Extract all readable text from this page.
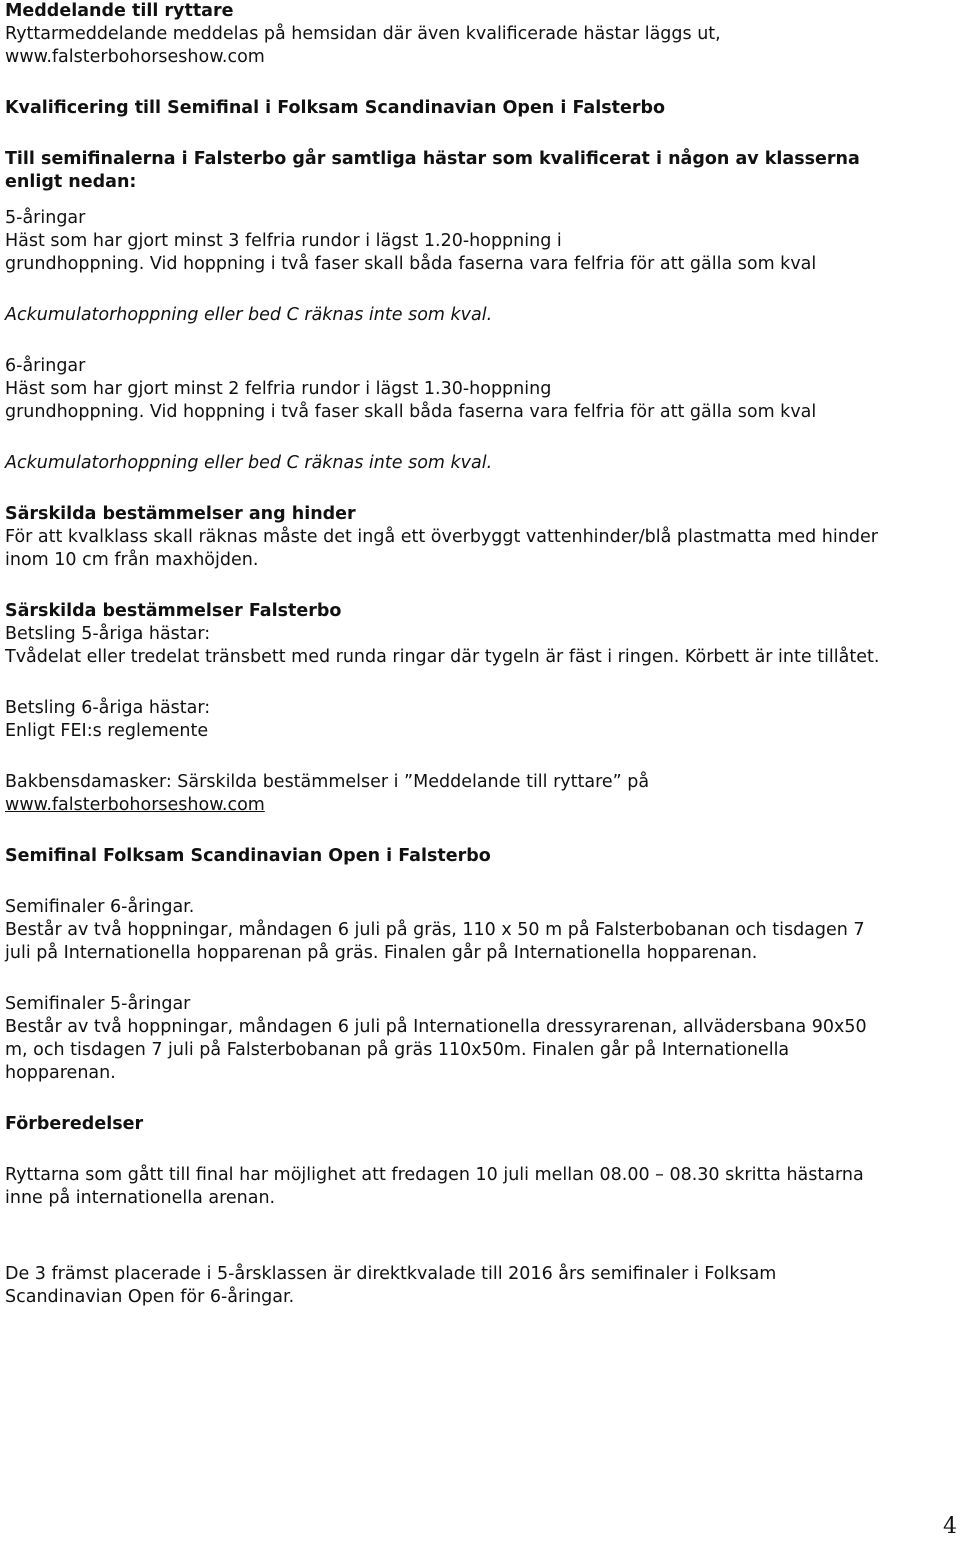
Meddelande till ryttare
Ryttarmeddelande meddelas på hemsidan där även kvalificerade hästar läggs ut,
www.falsterbohorseshow.com
Kvalificering till Semifinal i Folksam Scandinavian Open i Falsterbo
Till semifinalerna i Falsterbo går samtliga hästar som kvalificerat i någon av klasserna
enligt nedan:
5-åringar
Häst som har gjort minst 3 felfria rundor i lägst 1.20-hoppning i
grundhoppning. Vid hoppning i två faser skall båda faserna vara felfria för att gälla som kval
Ackumulatorhoppning eller bed C räknas inte som kval.
6-åringar
Häst som har gjort minst 2 felfria rundor i lägst 1.30-hoppning
grundhoppning. Vid hoppning i två faser skall båda faserna vara felfria för att gälla som kval
Ackumulatorhoppning eller bed C räknas inte som kval.
Särskilda bestämmelser ang hinder
För att kvalklass skall räknas måste det ingå ett överbyggt vattenhinder/blå plastmatta med hinder
inom 10 cm från maxhöjden.
Särskilda bestämmelser Falsterbo
Betsling 5-åriga hästar:
Tvådelat eller tredelat tränsbett med runda ringar där tygeln är fäst i ringen. Körbett är inte tillåtet.
Betsling 6-åriga hästar:
Enligt FEI:s reglemente
Bakbensdamasker: Särskilda bestämmelser i ”Meddelande till ryttare” på
www.falsterbohorseshow.com
Semifinal Folksam Scandinavian Open i Falsterbo
Semifinaler 6-åringar.
Består av två hoppningar, måndagen 6 juli på gräs, 110 x 50 m på Falsterbobanan och tisdagen 7
juli på Internationella hopparenan på gräs. Finalen går på Internationella hopparenan.
Semifinaler 5-åringar
Består av två hoppningar, måndagen 6 juli på Internationella dressyrarenan, allvädersbana 90x50
m, och tisdagen 7 juli på Falsterbobanan på gräs 110x50m. Finalen går på Internationella
hopparenan.
Förberedelser
Ryttarna som gått till final har möjlighet att fredagen 10 juli mellan 08.00 – 08.30 skritta hästarna
inne på internationella arenan.
De 3 främst placerade i 5-årsklassen är direktkvalade till 2016 års semifinaler i Folksam
Scandinavian Open för 6-åringar.
4
